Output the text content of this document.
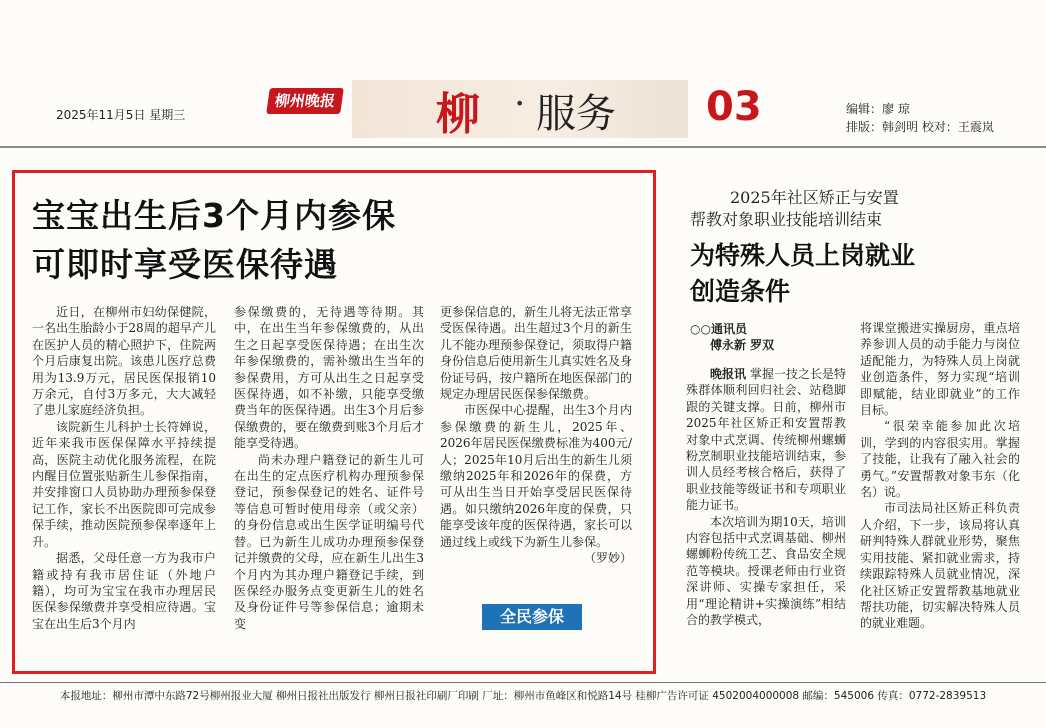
2025年11月5日 星期三
柳州晚报 柳 · 服务 03	编辑：廖 琼
排版：韩剑明 校对：王震岚
宝宝出生后3个月内参保
可即时享受医保待遇

近日，在柳州市妇幼保健院，一名出生胎龄小于28周的超早产儿在医护人员的精心照护下，住院两个月后康复出院。该患儿医疗总费用为13.9万元，居民医保报销10万余元，自付3万多元，大大减轻了患儿家庭经济负担。

该院新生儿科护士长符婵说，近年来我市医保保障水平持续提高，医院主动优化服务流程，在院内醒目位置张贴新生儿参保指南，并安排窗口人员协助办理预参保登记工作，家长不出医院即可完成参保手续，推动医院预参保率逐年上升。

据悉，父母任意一方为我市户籍或持有我市居住证（外地户籍），均可为宝宝在我市办理居民医保参保缴费并享受相应待遇。宝宝在出生后3个月内

参保缴费的，无待遇等待期。其中，在出生当年参保缴费的，从出生之日起享受医保待遇；在出生次年参保缴费的，需补缴出生当年的参保费用，方可从出生之日起享受医保待遇，如不补缴，只能享受缴费当年的医保待遇。出生3个月后参保缴费的，要在缴费到账3个月后才能享受待遇。

尚未办理户籍登记的新生儿可在出生的定点医疗机构办理预参保登记，预参保登记的姓名、证件号等信息可暂时使用母亲（或父亲）的身份信息或出生医学证明编号代替。已为新生儿成功办理预参保登记并缴费的父母，应在新生儿出生3个月内为其办理户籍登记手续，到医保经办服务点变更新生儿的姓名及身份证件号等参保信息；逾期未变

更参保信息的，新生儿将无法正常享受医保待遇。出生超过3个月的新生儿不能办理预参保登记，须取得户籍身份信息后使用新生儿真实姓名及身份证号码，按户籍所在地医保部门的规定办理居民医保参保缴费。

市医保中心提醒，出生3个月内参保缴费的新生儿，2025年、2026年居民医保缴费标准为400元/人；2025年10月后出生的新生儿须缴纳2025年和2026年的保费，方可从出生当日开始享受居民医保待遇。如只缴纳2026年度的保费，只能享受该年度的医保待遇，家长可以通过线上或线下为新生儿参保。

（罗妙）

全民参保
2025年社区矫正与安置
帮教对象职业技能培训结束
为特殊人员上岗就业
创造条件
○○通讯员
傅永新 罗双

晚报讯 掌握一技之长是特殊群体顺利回归社会、站稳脚跟的关键支撑。日前，柳州市2025年社区矫正和安置帮教对象中式烹调、传统柳州螺蛳粉烹制职业技能培训结束，参训人员经考核合格后，获得了职业技能等级证书和专项职业能力证书。

本次培训为期10天，培训内容包括中式烹调基础、柳州螺蛳粉传统工艺、食品安全规范等模块。授课老师由行业资深讲师、实操专家担任，采用“理论精讲+实操演练”相结合的教学模式，

将课堂搬进实操厨房，重点培养参训人员的动手能力与岗位适配能力，为特殊人员上岗就业创造条件，努力实现“培训即赋能，结业即就业”的工作目标。

“很荣幸能参加此次培训，学到的内容很实用。掌握了技能，让我有了融入社会的勇气。”安置帮教对象韦东（化名）说。

市司法局社区矫正科负责人介绍，下一步，该局将认真研判特殊人群就业形势，聚焦实用技能、紧扣就业需求，持续跟踪特殊人员就业情况，深化社区矫正安置帮教基地就业帮扶功能，切实解决特殊人员的就业难题。

本报地址：柳州市潭中东路72号柳州报业大厦 柳州日报社出版发行 柳州日报社印刷厂印刷 厂址：柳州市鱼峰区和悦路14号 桂柳广告许可证 4502004000008 邮编：545006 传真：0772-2839513
